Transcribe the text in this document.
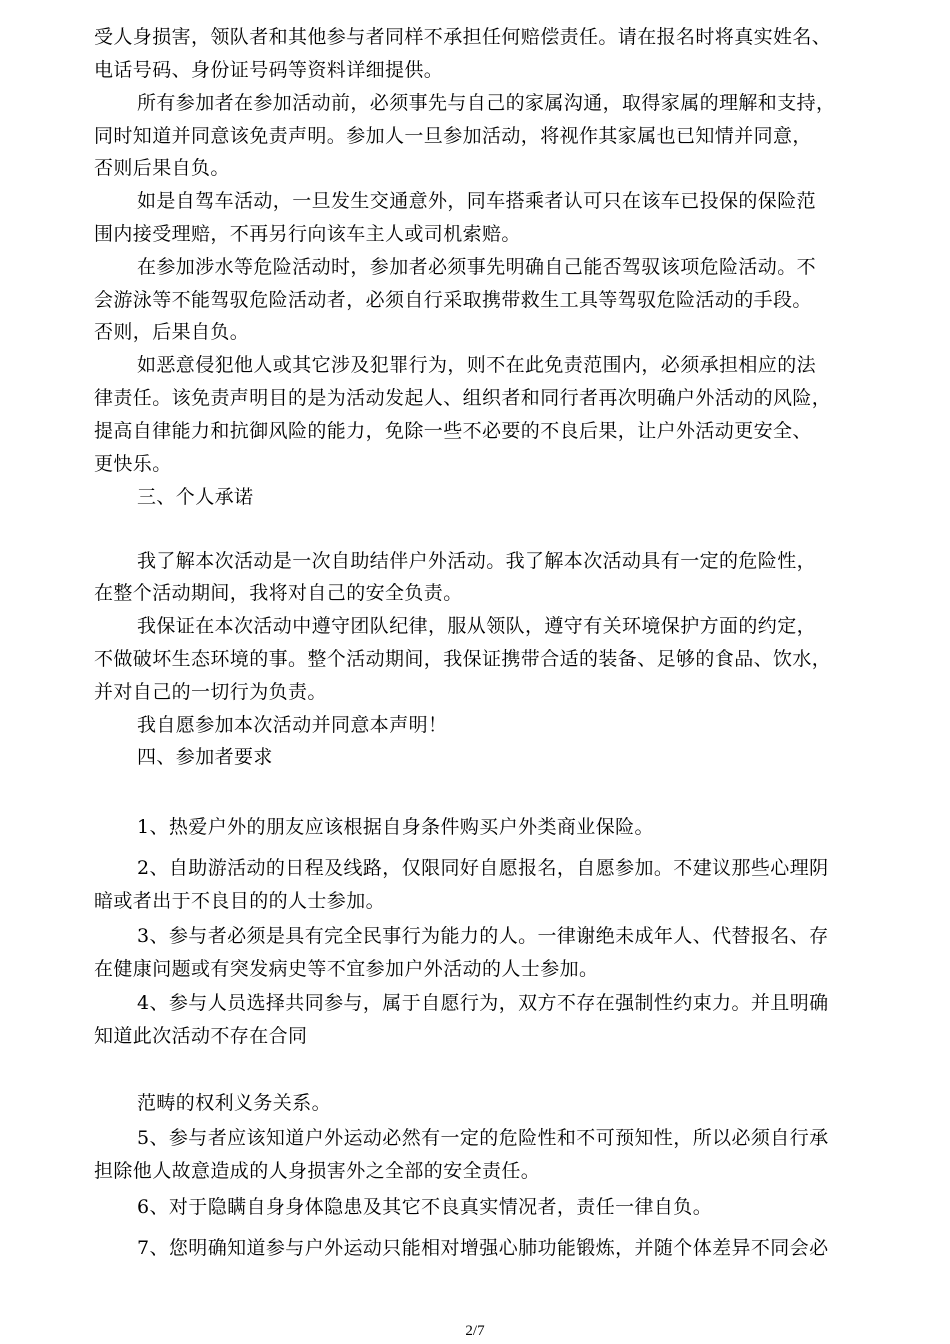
受人身损害，领队者和其他参与者同样不承担任何赔偿责任。请在报名时将真实姓名、
电话号码、身份证号码等资料详细提供。
所有参加者在参加活动前，必须事先与自己的家属沟通，取得家属的理解和支持，
同时知道并同意该免责声明。参加人一旦参加活动，将视作其家属也已知情并同意，
否则后果自负。
如是自驾车活动，一旦发生交通意外，同车搭乘者认可只在该车已投保的保险范
围内接受理赔，不再另行向该车主人或司机索赔。
在参加涉水等危险活动时，参加者必须事先明确自己能否驾驭该项危险活动。不
会游泳等不能驾驭危险活动者，必须自行采取携带救生工具等驾驭危险活动的手段。
否则，后果自负。
如恶意侵犯他人或其它涉及犯罪行为，则不在此免责范围内，必须承担相应的法
律责任。该免责声明目的是为活动发起人、组织者和同行者再次明确户外活动的风险，
提高自律能力和抗御风险的能力，免除一些不必要的不良后果，让户外活动更安全、
更快乐。
三、个人承诺
我了解本次活动是一次自助结伴户外活动。我了解本次活动具有一定的危险性，
在整个活动期间，我将对自己的安全负责。
我保证在本次活动中遵守团队纪律，服从领队，遵守有关环境保护方面的约定，
不做破坏生态环境的事。整个活动期间，我保证携带合适的装备、足够的食品、饮水，
并对自己的一切行为负责。
我自愿参加本次活动并同意本声明！
四、参加者要求
1、热爱户外的朋友应该根据自身条件购买户外类商业保险。
2、自助游活动的日程及线路，仅限同好自愿报名，自愿参加。不建议那些心理阴
暗或者出于不良目的的人士参加。
3、参与者必须是具有完全民事行为能力的人。一律谢绝未成年人、代替报名、存
在健康问题或有突发病史等不宜参加户外活动的人士参加。
4、参与人员选择共同参与，属于自愿行为，双方不存在强制性约束力。并且明确
知道此次活动不存在合同
范畴的权利义务关系。
5、参与者应该知道户外运动必然有一定的危险性和不可预知性，所以必须自行承
担除他人故意造成的人身损害外之全部的安全责任。
6、对于隐瞒自身身体隐患及其它不良真实情况者，责任一律自负。
7、您明确知道参与户外运动只能相对增强心肺功能锻炼，并随个体差异不同会必
2/7
